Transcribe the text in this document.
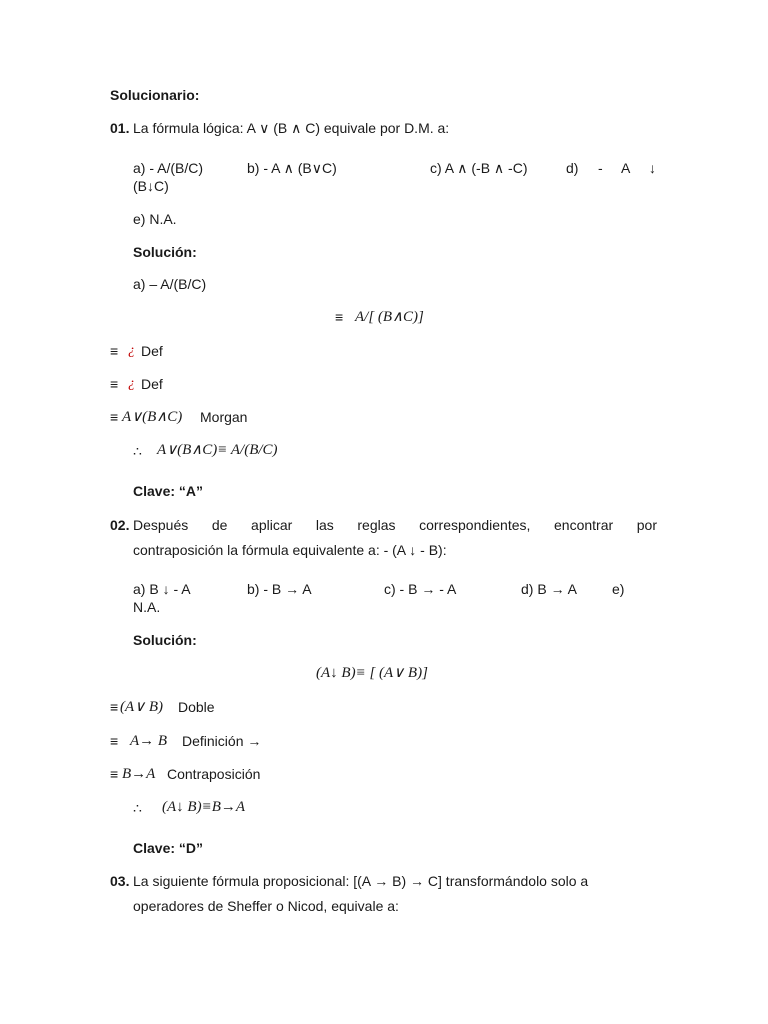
Solucionario:
01. La fórmula lógica: A ∨ (B ∧ C) equivale por D.M. a:
a) - A/(B/C)	b) - A ∧ (B∨C)	c) A ∧ (-B ∧ -C)	d) - A ↓
(B↓C)
e) N.A.
Solución:
a) – A/(B/C)
≡ A/[ (B∧C)]
≡ ¿ Def
≡ ¿ Def
≡ A∨(B∧C) Morgan
∴ A∨(B∧C)≡ A/(B/C)
Clave: “A”
02. Después de aplicar las reglas correspondientes, encontrar por
contraposición la fórmula equivalente a: - (A ↓ - B):
a) B ↓ - A	b) - B → A	c) - B → - A	d) B → A e)
N.A.
Solución:
(A↓ B)≡ [ (A∨ B)]
≡ (A∨ B) Doble
≡ A→ B Definición →
≡ B→A Contraposición
∴ (A↓ B)≡B→A
Clave: “D”
03. La siguiente fórmula proposicional: [(A → B) → C] transformándolo solo a
operadores de Sheffer o Nicod, equivale a:
